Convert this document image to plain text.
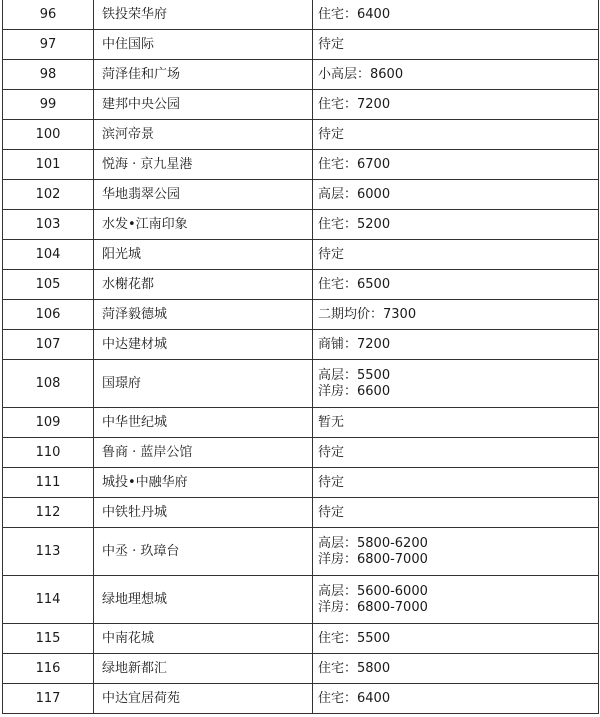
96	铁投荣华府	住宅：6400

97	中住国际	待定

98	菏泽佳和广场	小高层：8600

99	建邦中央公园	住宅：7200

100	滨河帝景	待定

101	悦海 · 京九星港	住宅：6700

102	华地翡翠公园	高层：6000

103	水发•江南印象	住宅：5200

104	阳光城	待定

105	水榭花都	住宅：6500

106	菏泽毅德城	二期均价：7300

107	中达建材城	商铺：7200

108	国璟府	高层：5500
洋房：6600

109	中华世纪城	暂无

110	鲁商 · 蓝岸公馆	待定

111	城投•中融华府	待定

112	中铁牡丹城	待定

113	中丞 · 玖璋台	高层：5800-6200
洋房：6800-7000

114	绿地理想城	高层：5600-6000
洋房：6800-7000

115	中南花城	住宅：5500

116	绿地新都汇	住宅：5800

117	中达宜居荷苑	住宅：6400
